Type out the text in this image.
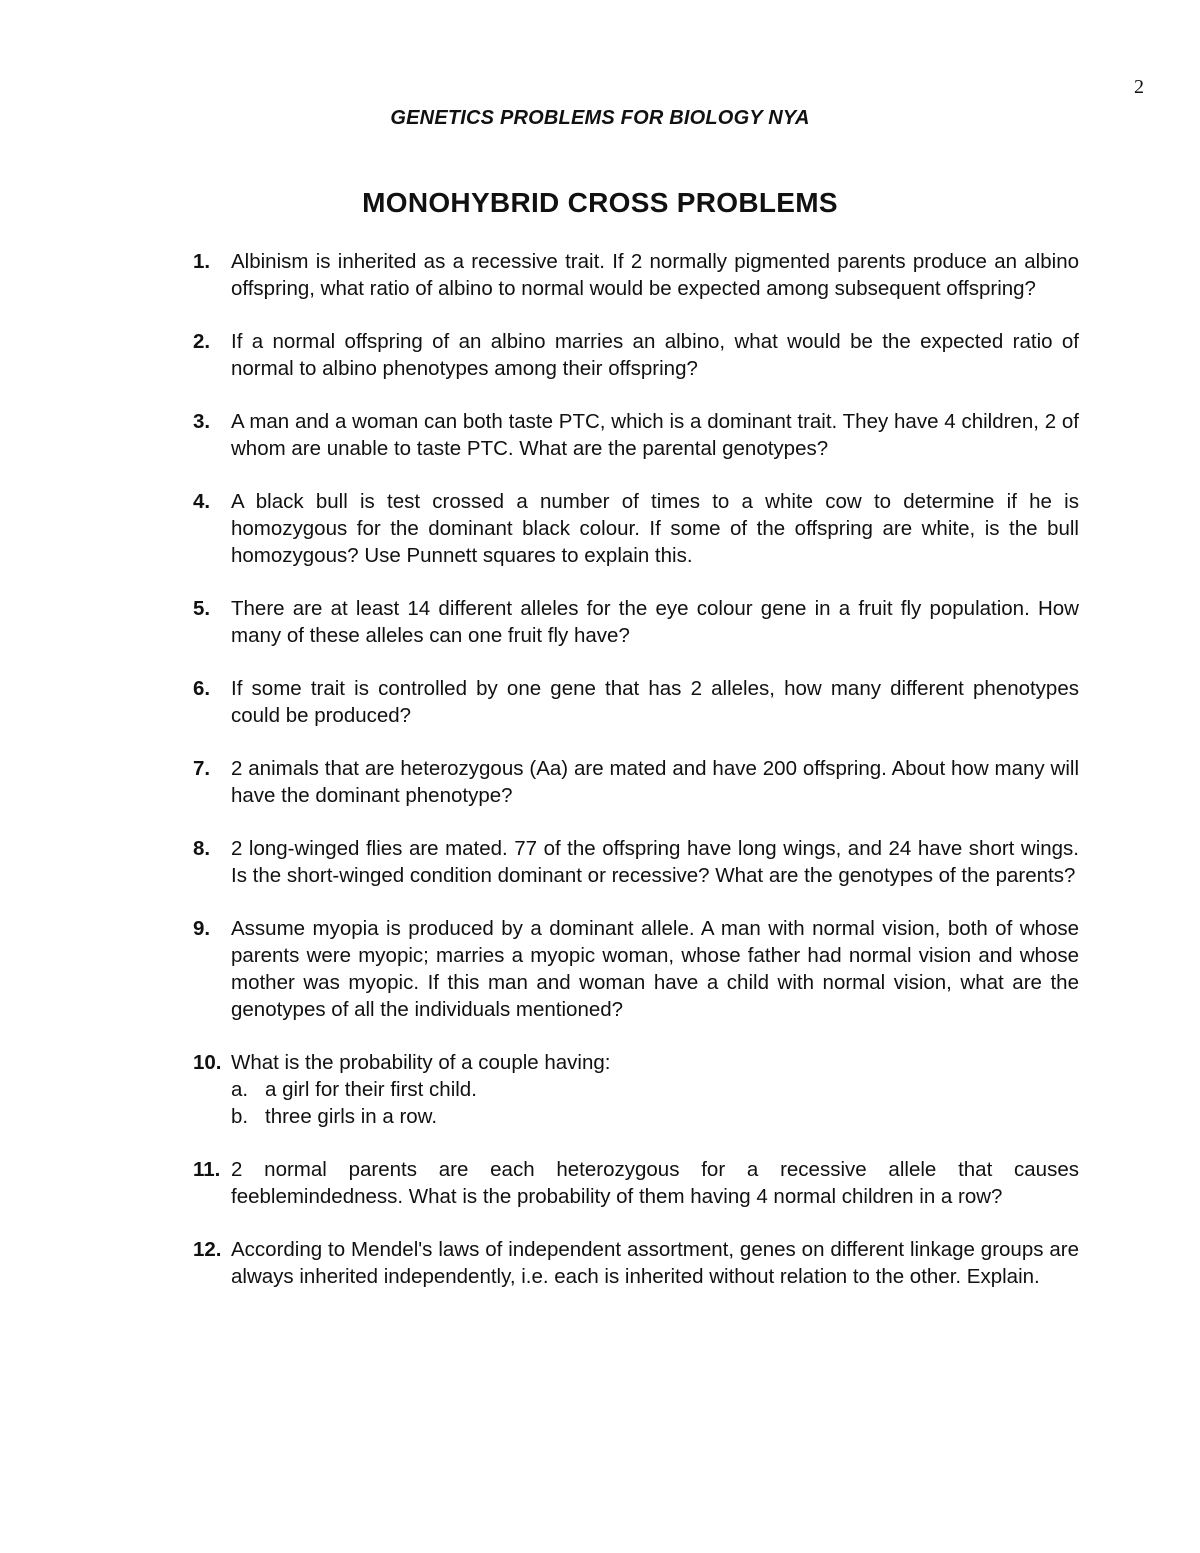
2
GENETICS PROBLEMS FOR BIOLOGY NYA
MONOHYBRID CROSS PROBLEMS
1.	Albinism is inherited as a recessive trait. If 2 normally pigmented parents produce an albino offspring, what ratio of albino to normal would be expected among subsequent offspring?
2.	If a normal offspring of an albino marries an albino, what would be the expected ratio of normal to albino phenotypes among their offspring?
3.	A man and a woman can both taste PTC, which is a dominant trait. They have 4 children, 2 of whom are unable to taste PTC. What are the parental genotypes?
4.	A black bull is test crossed a number of times to a white cow to determine if he is homozygous for the dominant black colour. If some of the offspring are white, is the bull homozygous? Use Punnett squares to explain this.
5.	There are at least 14 different alleles for the eye colour gene in a fruit fly population. How many of these alleles can one fruit fly have?
6.	If some trait is controlled by one gene that has 2 alleles, how many different phenotypes could be produced?
7.	2 animals that are heterozygous (Aa) are mated and have 200 offspring. About how many will have the dominant phenotype?
8.	2 long-winged flies are mated. 77 of the offspring have long wings, and 24 have short wings. Is the short-winged condition dominant or recessive? What are the genotypes of the parents?
9.	Assume myopia is produced by a dominant allele. A man with normal vision, both of whose parents were myopic; marries a myopic woman, whose father had normal vision and whose mother was myopic. If this man and woman have a child with normal vision, what are the genotypes of all the individuals mentioned?
10. What is the probability of a couple having:
a. a girl for their first child.
b. three girls in a row.
11. 2 normal parents are each heterozygous for a recessive allele that causes feeblemindedness. What is the probability of them having 4 normal children in a row?
12. According to Mendel's laws of independent assortment, genes on different linkage groups are always inherited independently, i.e. each is inherited without relation to the other. Explain.
